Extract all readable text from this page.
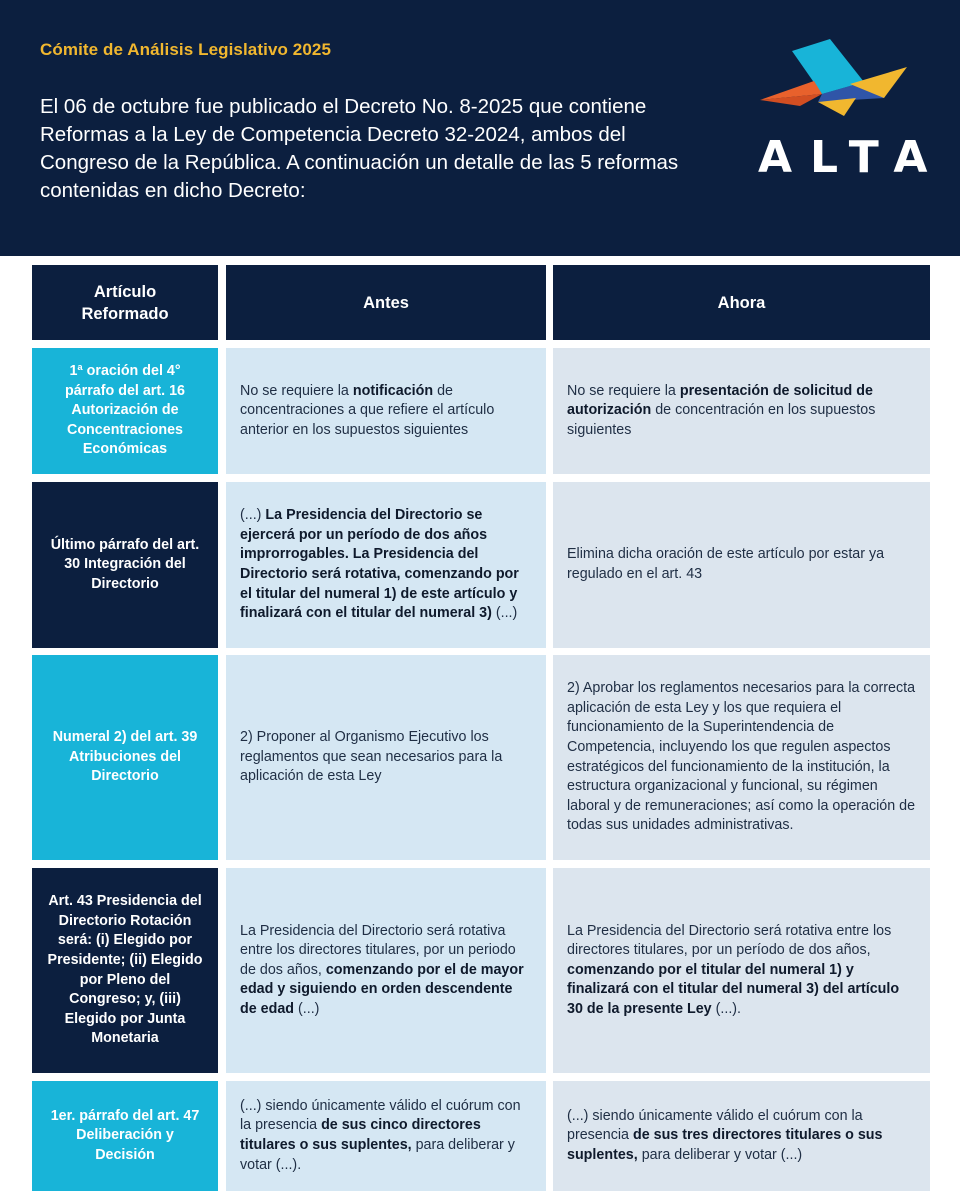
Cómite de Análisis Legislativo 2025
El 06 de octubre fue publicado el Decreto No. 8-2025 que contiene Reformas a la Ley de Competencia Decreto 32-2024, ambos del Congreso de la República. A continuación un detalle de las 5 reformas contenidas en dicho Decreto:
ALTA
Artículo Reformado
Antes	Ahora
1ª oración del 4° párrafo del art. 16 Autorización de Concentraciones Económicas
No se requiere la notificación de concentraciones a que refiere el artículo anterior en los supuestos siguientes
No se requiere la presentación de solicitud de autorización de concentración en los supuestos siguientes
Último párrafo del art. 30 Integración del Directorio
(...) La Presidencia del Directorio se ejercerá por un período de dos años improrrogables. La Presidencia del Directorio será rotativa, comenzando por el titular del numeral 1) de este artículo y finalizará con el titular del numeral 3) (...)
Elimina dicha oración de este artículo por estar ya regulado en el art. 43
Numeral 2) del art. 39 Atribuciones del Directorio
2) Proponer al Organismo Ejecutivo los reglamentos que sean necesarios para la aplicación de esta Ley
2) Aprobar los reglamentos necesarios para la correcta aplicación de esta Ley y los que requiera el funcionamiento de la Superintendencia de Competencia, incluyendo los que regulen aspectos estratégicos del funcionamiento de la institución, la estructura organizacional y funcional, su régimen laboral y de remuneraciones; así como la operación de todas sus unidades administrativas.
Art. 43 Presidencia del Directorio Rotación será: (i) Elegido por Presidente; (ii) Elegido por Pleno del Congreso; y, (iii) Elegido por Junta Monetaria
La Presidencia del Directorio será rotativa entre los directores titulares, por un periodo de dos años, comenzando por el de mayor edad y siguiendo en orden descendente de edad (...)
La Presidencia del Directorio será rotativa entre los directores titulares, por un período de dos años, comenzando por el titular del numeral 1) y finalizará con el titular del numeral 3) del artículo 30 de la presente Ley (...).
1er. párrafo del art. 47 Deliberación y Decisión
(...) siendo únicamente válido el cuórum con la presencia de sus cinco directores titulares o sus suplentes, para deliberar y votar (...).
(...) siendo únicamente válido el cuórum con la presencia de sus tres directores titulares o sus suplentes, para deliberar y votar (...)
